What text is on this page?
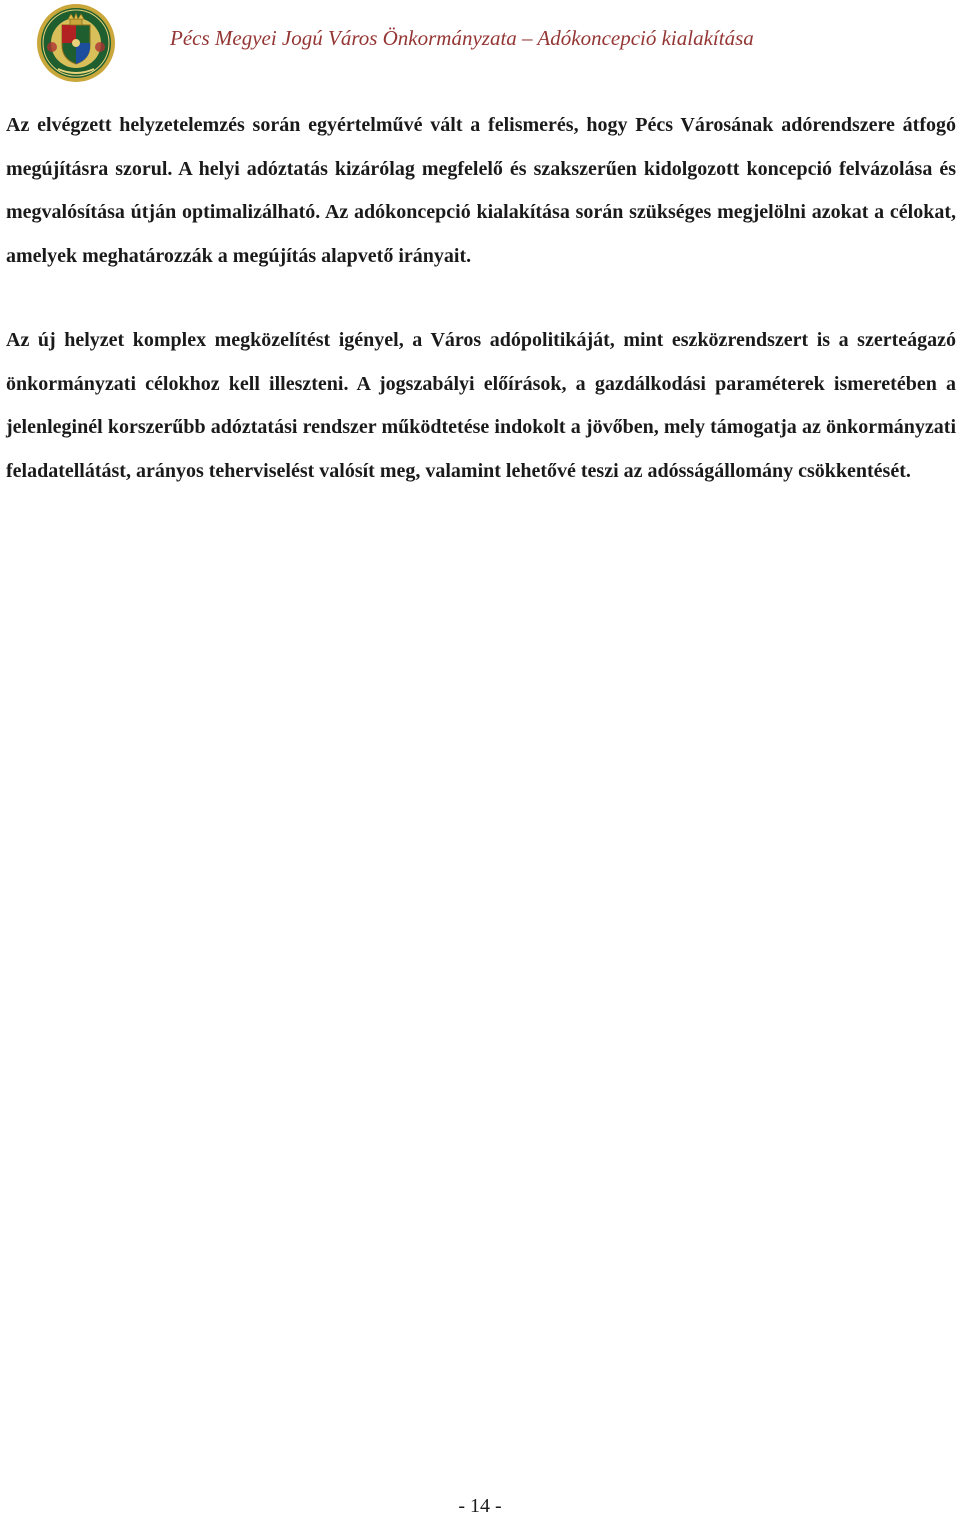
Pécs Megyei Jogú Város Önkormányzata – Adókoncepció kialakítása

Az elvégzett helyzetelemzés során egyértelművé vált a felismerés, hogy Pécs Városának adórendszere átfogó megújításra szorul. A helyi adóztatás kizárólag megfelelő és szakszerűen kidolgozott koncepció felvázolása és megvalósítása útján optimalizálható. Az adókoncepció kialakítása során szükséges megjelölni azokat a célokat, amelyek meghatározzák a megújítás alapvető irányait.

Az új helyzet komplex megközelítést igényel, a Város adópolitikáját, mint eszközrendszert is a szerteágazó önkormányzati célokhoz kell illeszteni. A jogszabályi előírások, a gazdálkodási paraméterek ismeretében a jelenleginél korszerűbb adóztatási rendszer működtetése indokolt a jövőben, mely támogatja az önkormányzati feladatellátást, arányos teherviselést valósít meg, valamint lehetővé teszi az adósságállomány csökkentését.

- 14 -
